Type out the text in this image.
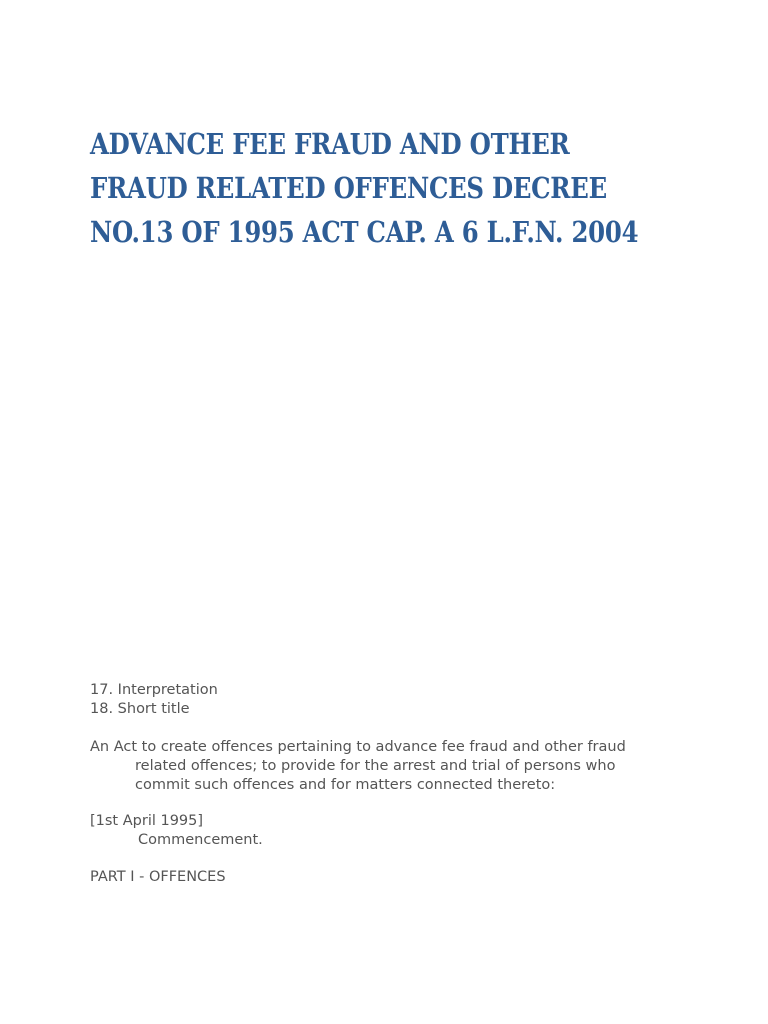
ADVANCE FEE FRAUD AND OTHER
FRAUD RELATED OFFENCES DECREE
NO.13 OF 1995 ACT CAP. A 6 L.F.N. 2004
17. Interpretation
18. Short title
An Act to create offences pertaining to advance fee fraud and other fraud
related offences; to provide for the arrest and trial of persons who
commit such offences and for matters connected thereto:
[1st April 1995]
Commencement.
PART I - OFFENCES
